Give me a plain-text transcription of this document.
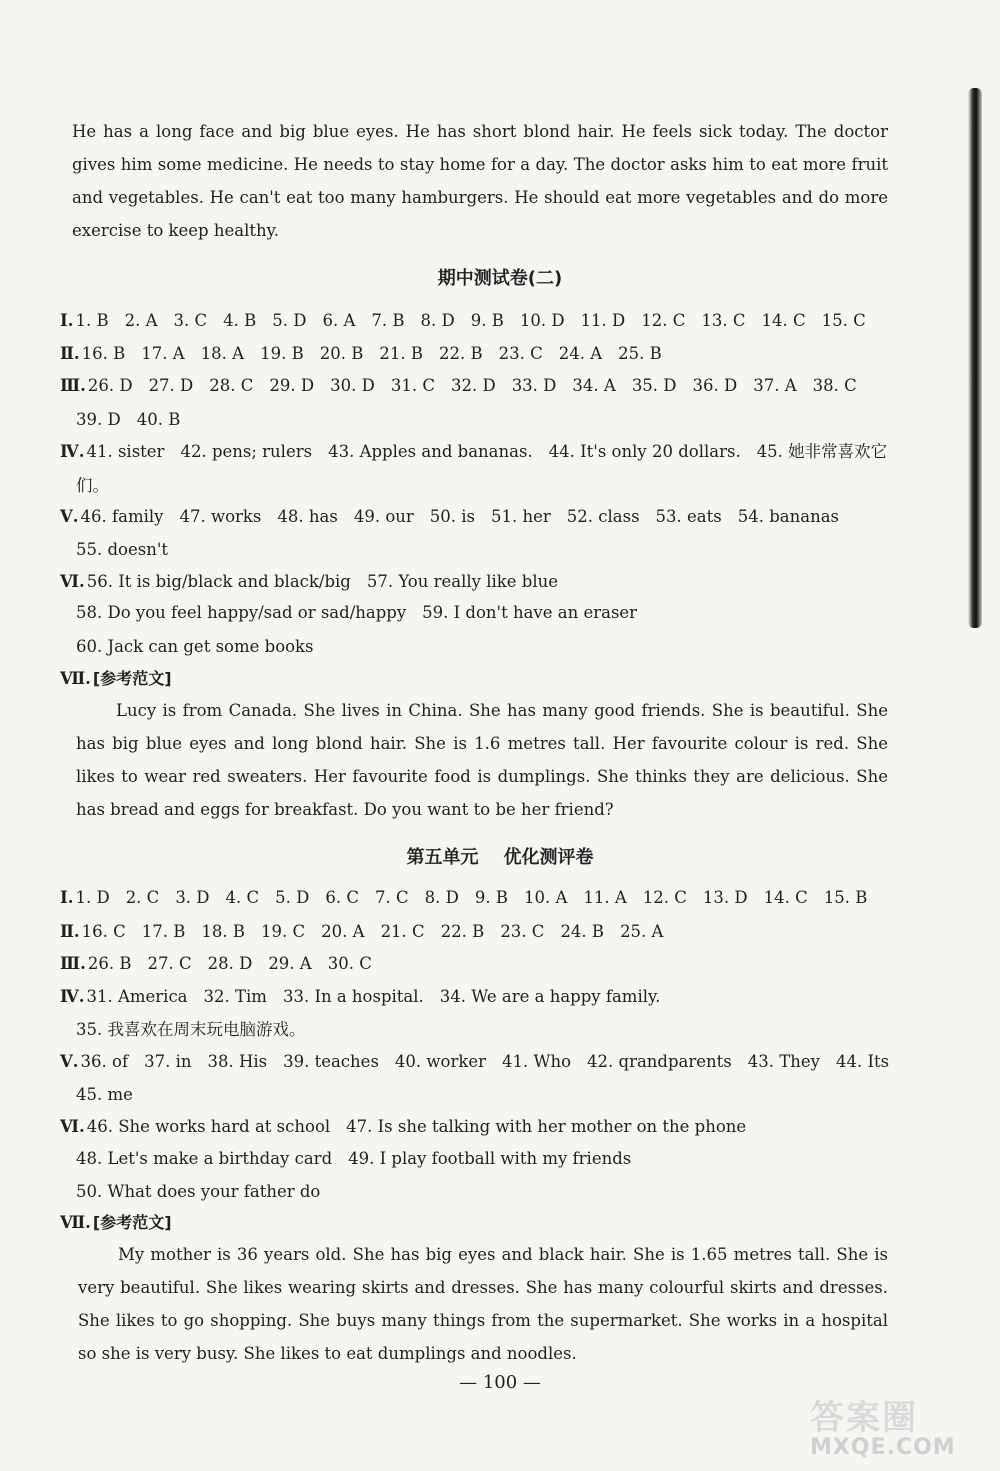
He has a long face and big blue eyes. He has short blond hair. He feels sick today. The doctor gives him some medicine. He needs to stay home for a day. The doctor asks him to eat more fruit and vegetables. He can't eat too many hamburgers. He should eat more vegetables and do more exercise to keep healthy.
期中测试卷(二)
Ⅰ. 1. B 2. A 3. C 4. B 5. D 6. A 7. B 8. D 9. B 10. D 11. D 12. C 13. C 14. C 15. C
Ⅱ. 16. B 17. A 18. A 19. B 20. B 21. B 22. B 23. C 24. A 25. B
Ⅲ. 26. D 27. D 28. C 29. D 30. D 31. C 32. D 33. D 34. A 35. D 36. D 37. A 38. C
39. D 40. B
Ⅳ. 41. sister 42. pens; rulers 43. Apples and bananas. 44. It's only 20 dollars. 45. 她非常喜欢它
们。
Ⅴ. 46. family 47. works 48. has 49. our 50. is 51. her 52. class 53. eats 54. bananas
55. doesn't
Ⅵ. 56. It is big/black and black/big 57. You really like blue
58. Do you feel happy/sad or sad/happy 59. I don't have an eraser
60. Jack can get some books
Ⅶ. [参考范文]
Lucy is from Canada. She lives in China. She has many good friends. She is beautiful. She has big blue eyes and long blond hair. She is 1.6 metres tall. Her favourite colour is red. She likes to wear red sweaters. Her favourite food is dumplings. She thinks they are delicious. She has bread and eggs for breakfast. Do you want to be her friend?
第五单元    优化测评卷
Ⅰ. 1. D 2. C 3. D 4. C 5. D 6. C 7. C 8. D 9. B 10. A 11. A 12. C 13. D 14. C 15. B
Ⅱ. 16. C 17. B 18. B 19. C 20. A 21. C 22. B 23. C 24. B 25. A
Ⅲ. 26. B 27. C 28. D 29. A 30. C
Ⅳ. 31. America 32. Tim 33. In a hospital. 34. We are a happy family.
35. 我喜欢在周末玩电脑游戏。
Ⅴ. 36. of 37. in 38. His 39. teaches 40. worker 41. Who 42. qrandparents 43. They 44. Its
45. me
Ⅵ. 46. She works hard at school 47. Is she talking with her mother on the phone
48. Let's make a birthday card 49. I play football with my friends
50. What does your father do
Ⅶ. [参考范文]
My mother is 36 years old. She has big eyes and black hair. She is 1.65 metres tall. She is very beautiful. She likes wearing skirts and dresses. She has many colourful skirts and dresses. She likes to go shopping. She buys many things from the supermarket. She works in a hospital so she is very busy. She likes to eat dumplings and noodles.
— 100 —
答案圈
MXQE.COM
